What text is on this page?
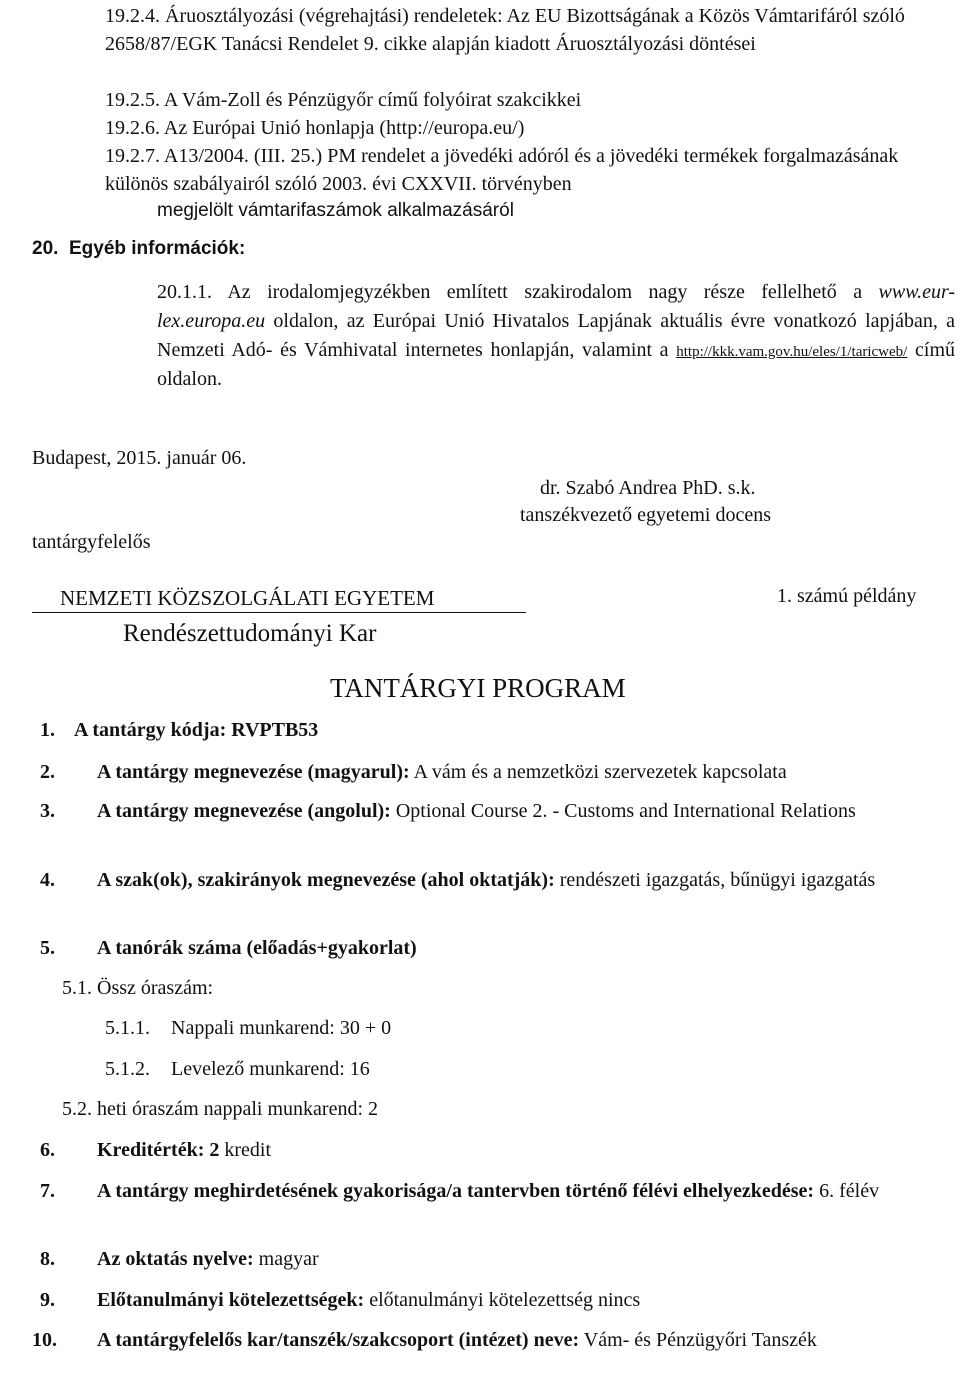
19.2.4. Áruosztályozási (végrehajtási) rendeletek: Az EU Bizottságának a Közös Vámtarifáról szóló 2658/87/EGK Tanácsi Rendelet 9. cikke alapján kiadott Áruosztályozási döntései
19.2.5. A Vám-Zoll és Pénzügyőr című folyóirat szakcikkei
19.2.6. Az Európai Unió honlapja (http://europa.eu/)
19.2.7. A13/2004. (III. 25.) PM rendelet a jövedéki adóról és a jövedéki termékek forgalmazásának különös szabályairól szóló 2003. évi CXXVII. törvényben
megjelölt vámtarifaszámok alkalmazásáról
20.  Egyéb információk:
20.1.1. Az irodalomjegyzékben említett szakirodalom nagy része fellelhető a www.eur-lex.europa.eu oldalon, az Európai Unió Hivatalos Lapjának aktuális évre vonatkozó lapjában, a Nemzeti Adó- és Vámhivatal internetes honlapján, valamint a http://kkk.vam.gov.hu/eles/1/taricweb/ című oldalon.
Budapest, 2015. január 06.
dr. Szabó Andrea PhD. s.k.
tanszékvezető egyetemi docens
tantárgyfelelős
NEMZETI KÖZSZOLGÁLATI EGYETEM
Rendészettudományi Kar
1. számú példány
TANTÁRGYI PROGRAM
1. A tantárgy kódja: RVPTB53
2. A tantárgy megnevezése (magyarul): A vám és a nemzetközi szervezetek kapcsolata
3. A tantárgy megnevezése (angolul): Optional Course 2. - Customs and International Relations
4. A szak(ok), szakirányok megnevezése (ahol oktatják): rendészeti igazgatás, bűnügyi igazgatás
5. A tanórák száma (előadás+gyakorlat)
5.1. Össz óraszám:
5.1.1. Nappali munkarend: 30 + 0
5.1.2. Levelező munkarend: 16
5.2. heti óraszám nappali munkarend: 2
6. Kreditérték: 2 kredit
7. A tantárgy meghirdetésének gyakorisága/a tantervben történő félévi elhelyezkedése: 6. félév
8. Az oktatás nyelve: magyar
9. Előtanulmányi kötelezettségek: előtanulmányi kötelezettség nincs
10. A tantárgyfelelős kar/tanszék/szakcsoport (intézet) neve: Vám- és Pénzügyőri Tanszék
